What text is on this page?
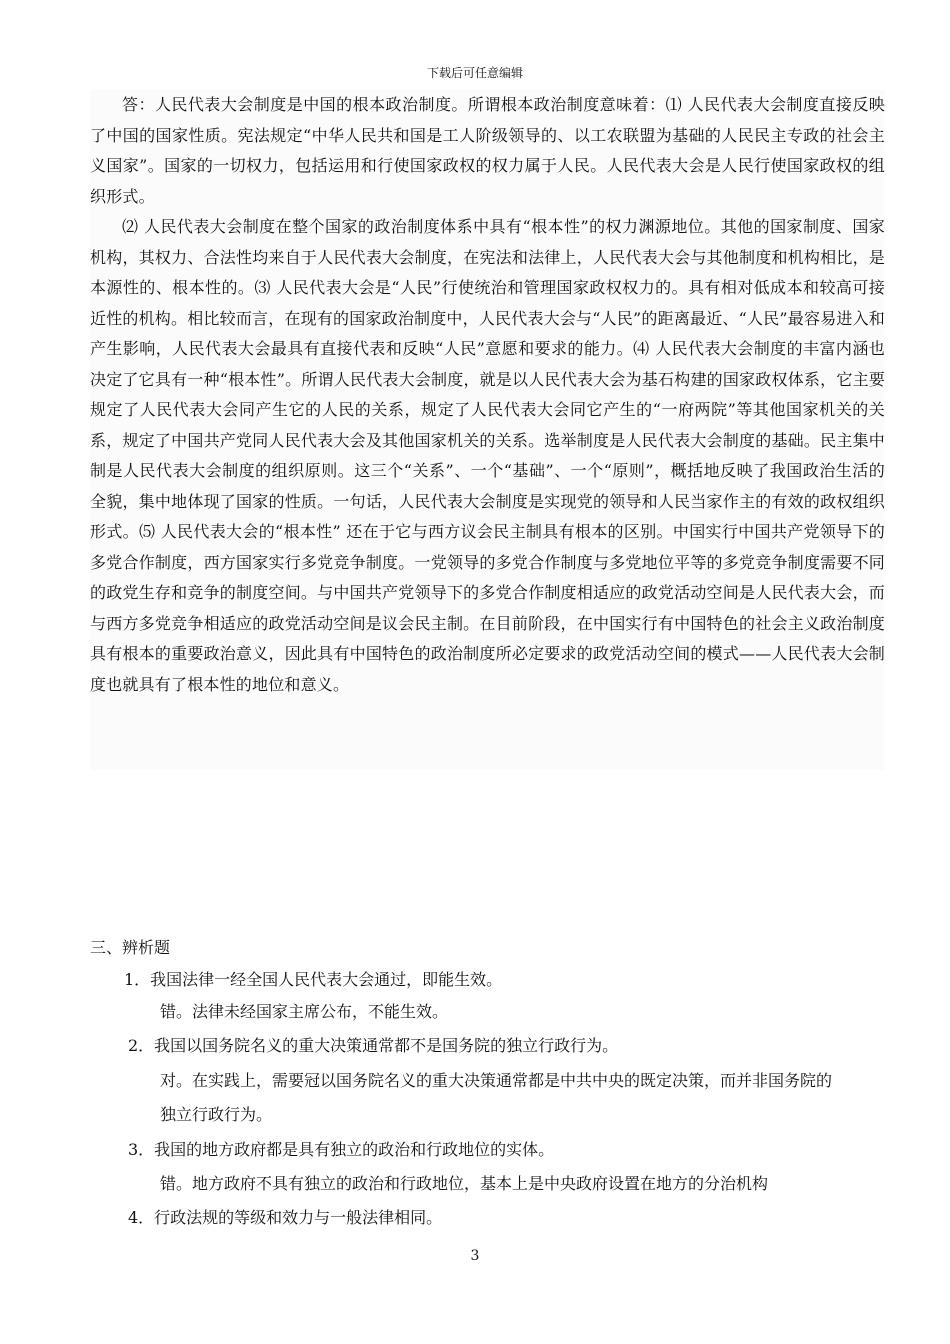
下载后可任意编辑

答：人民代表大会制度是中国的根本政治制度。所谓根本政治制度意味着：⑴ 人民代表大会制度直接反映了中国的国家性质。宪法规定“中华人民共和国是工人阶级领导的、以工农联盟为基础的人民民主专政的社会主义国家”。国家的一切权力，包括运用和行使国家政权的权力属于人民。人民代表大会是人民行使国家政权的组织形式。

⑵ 人民代表大会制度在整个国家的政治制度体系中具有“根本性”的权力渊源地位。其他的国家制度、国家机构，其权力、合法性均来自于人民代表大会制度，在宪法和法律上，人民代表大会与其他制度和机构相比，是本源性的、根本性的。⑶ 人民代表大会是“人民”行使统治和管理国家政权权力的。具有相对低成本和较高可接近性的机构。相比较而言，在现有的国家政治制度中，人民代表大会与“人民”的距离最近、“人民”最容易进入和产生影响，人民代表大会最具有直接代表和反映“人民”意愿和要求的能力。⑷ 人民代表大会制度的丰富内涵也决定了它具有一种“根本性”。所谓人民代表大会制度，就是以人民代表大会为基石构建的国家政权体系，它主要规定了人民代表大会同产生它的人民的关系，规定了人民代表大会同它产生的“一府两院”等其他国家机关的关系，规定了中国共产党同人民代表大会及其他国家机关的关系。选举制度是人民代表大会制度的基础。民主集中制是人民代表大会制度的组织原则。这三个“关系”、一个“基础”、一个“原则”，概括地反映了我国政治生活的全貌，集中地体现了国家的性质。一句话，人民代表大会制度是实现党的领导和人民当家作主的有效的政权组织形式。⑸ 人民代表大会的“根本性” 还在于它与西方议会民主制具有根本的区别。中国实行中国共产党领导下的多党合作制度，西方国家实行多党竞争制度。一党领导的多党合作制度与多党地位平等的多党竞争制度需要不同的政党生存和竞争的制度空间。与中国共产党领导下的多党合作制度相适应的政党活动空间是人民代表大会，而与西方多党竞争相适应的政党活动空间是议会民主制。在目前阶段，在中国实行有中国特色的社会主义政治制度具有根本的重要政治意义，因此具有中国特色的政治制度所必定要求的政党活动空间的模式——人民代表大会制度也就具有了根本性的地位和意义。

三、辨析题
1．我国法律一经全国人民代表大会通过，即能生效。
错。法律未经国家主席公布，不能生效。
2．我国以国务院名义的重大决策通常都不是国务院的独立行政行为。
对。在实践上，需要冠以国务院名义的重大决策通常都是中共中央的既定决策，而并非国务院的
独立行政行为。
3．我国的地方政府都是具有独立的政治和行政地位的实体。
错。地方政府不具有独立的政治和行政地位，基本上是中央政府设置在地方的分治机构
4．行政法规的等级和效力与一般法律相同。
3
